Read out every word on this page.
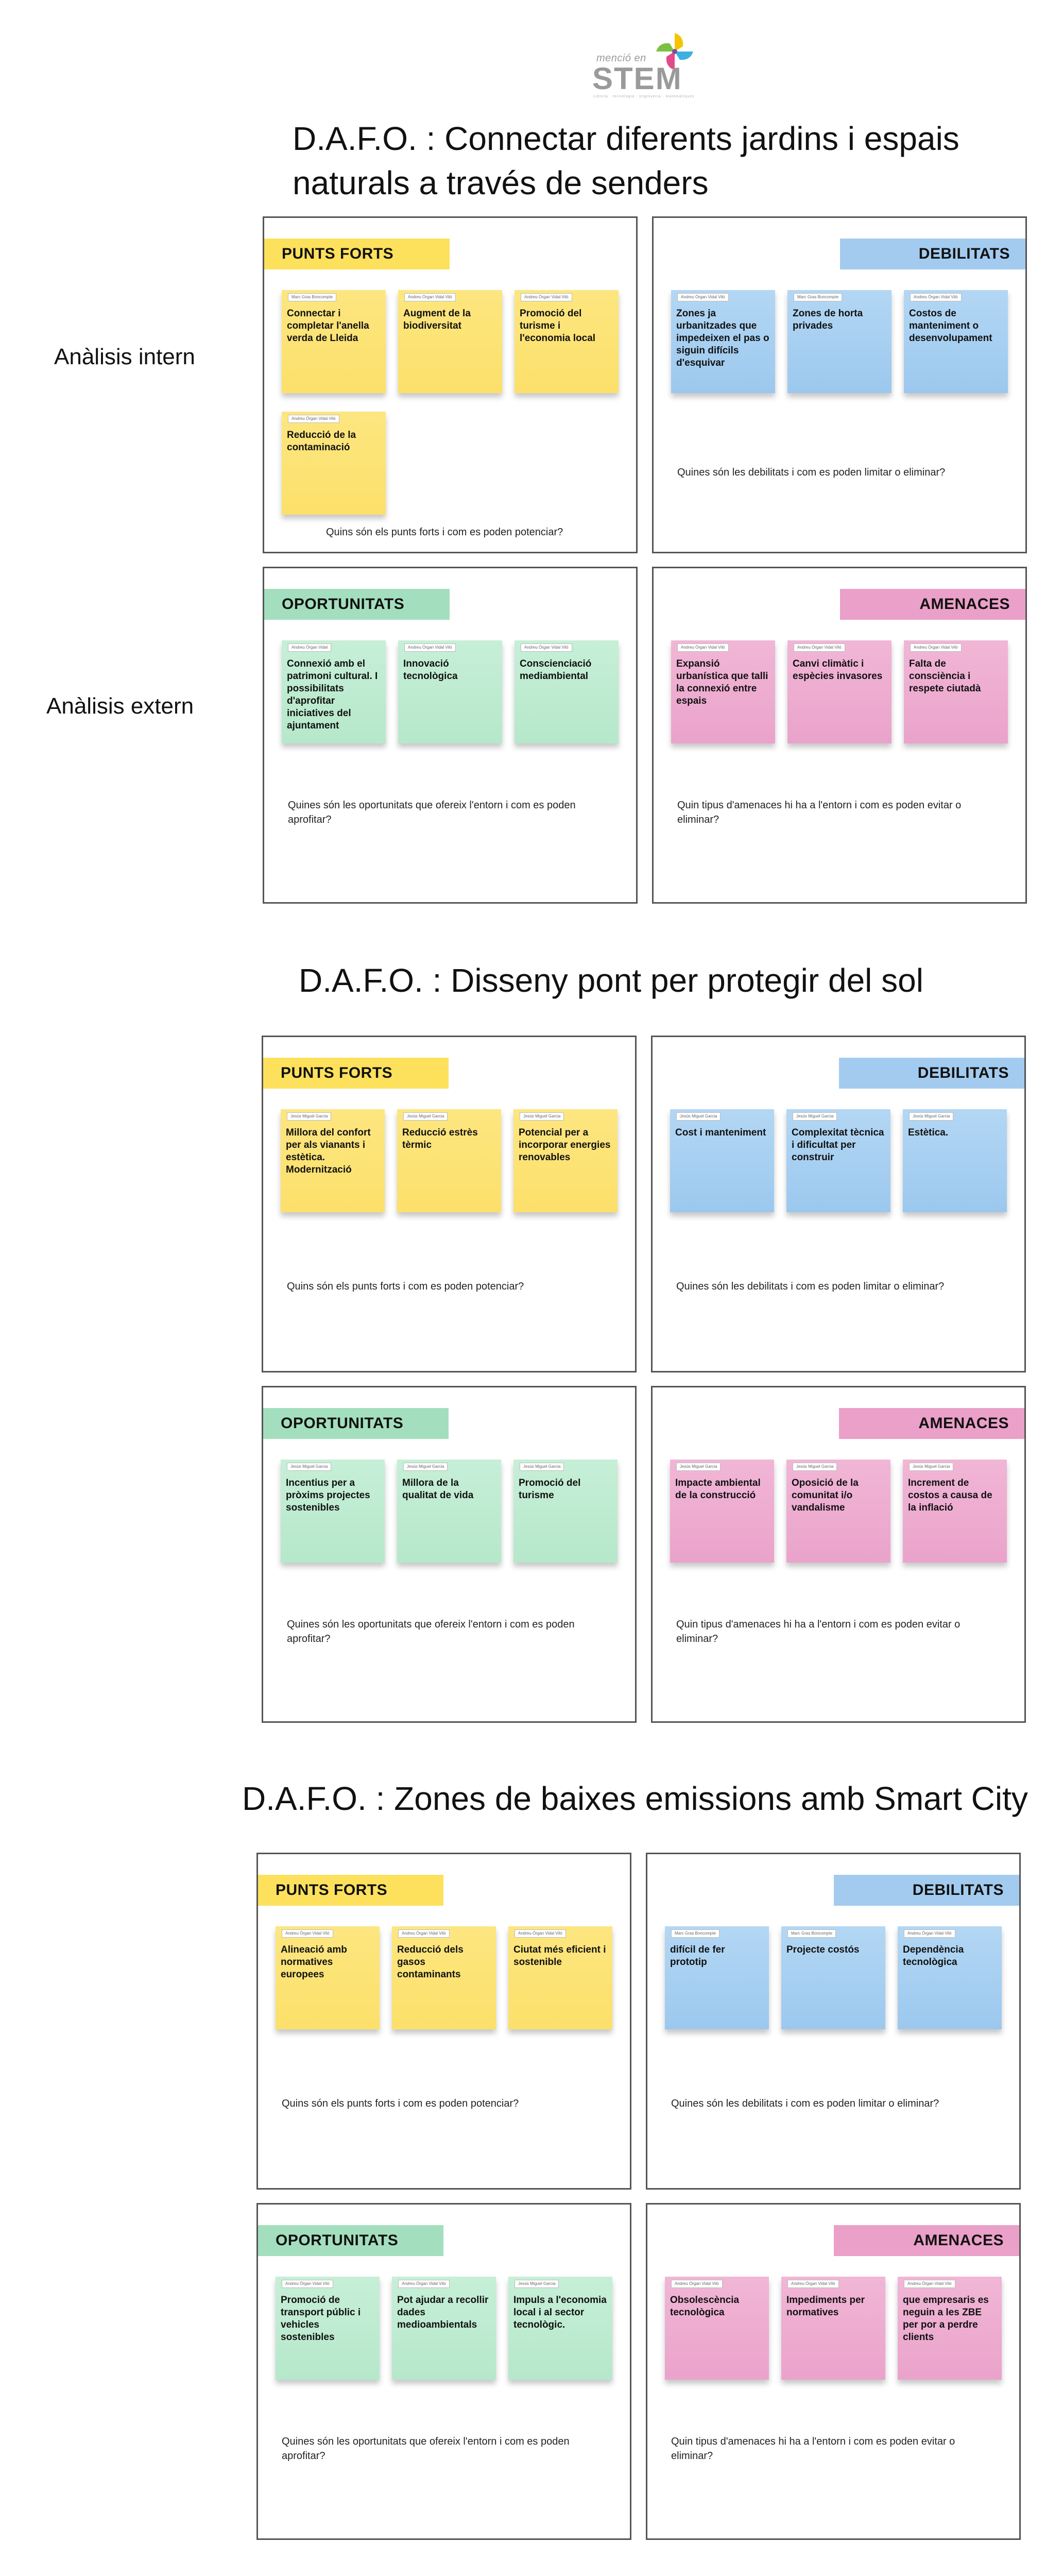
menció en
STEM
ciència · tecnologia · enginyeria · matemàtiques
Anàlisis intern
Anàlisis extern
D.A.F.O. : Connectar diferents jardins i espais naturals a través de senders
PUNTS FORTS
Marc Gras Boncompte
Connectar i completar l'anella verda de Lleida
Andreu Órgan Vidal Viló
Augment de la biodiversitat
Andreu Órgan Vidal Viló
Promoció del turisme i l'economia local
Andreu Órgan Vidal Viló
Reducció de la contaminació
Quins són els punts forts i com es poden potenciar?
DEBILITATS
Andreu Órgan Vidal Viló
Zones ja urbanitzades que impedeixen el pas o siguin difícils d'esquivar
Marc Gras Boncompte
Zones de horta privades
Andreu Órgan Vidal Viló
Costos de manteniment o desenvolupament
Quines són les debilitats i com es poden limitar o eliminar?
OPORTUNITATS
Andreu Órgan Vidal
Connexió amb el patrimoni cultural. I possibilitats d'aprofitar iniciatives del ajuntament
Andreu Órgan Vidal Viló
Innovació tecnològica
Andreu Órgan Vidal Viló
Conscienciació mediambiental
Quines són les oportunitats que ofereix l'entorn i com es poden aprofitar?
AMENACES
Andreu Órgan Vidal Viló
Expansió urbanística que talli la connexió entre espais
Andreu Órgan Vidal Viló
Canvi climàtic i espècies invasores
Andreu Órgan Vidal Viló
Falta de consciència i respete ciutadà
Quin tipus d'amenaces hi ha a l'entorn i com es poden evitar o eliminar?
D.A.F.O. : Disseny pont per protegir del sol
PUNTS FORTS
Jesús Miguel Garcia
Millora del confort per als vianants i estètica. Modernització
Jesús Miguel Garcia
Reducció estrès tèrmic
Jesús Miguel Garcia
Potencial per a incorporar energies renovables
Quins són els punts forts i com es poden potenciar?
DEBILITATS
Jesús Miguel Garcia
Cost i manteniment
Jesús Miguel Garcia
Complexitat tècnica i dificultat per construir
Jesús Miguel Garcia
Estètica.
Quines són les debilitats i com es poden limitar o eliminar?
OPORTUNITATS
Jesús Miguel Garcia
Incentius per a pròxims projectes sostenibles
Jesús Miguel Garcia
Millora de la qualitat de vida
Jesús Miguel Garcia
Promoció del turisme
Quines són les oportunitats que ofereix l'entorn i com es poden aprofitar?
AMENACES
Jesús Miguel Garcia
Impacte ambiental de la construcció
Jesús Miguel Garcia
Oposició de la comunitat i/o vandalisme
Jesús Miguel Garcia
Increment de costos a causa de la inflació
Quin tipus d'amenaces hi ha a l'entorn i com es poden evitar o eliminar?
D.A.F.O. : Zones de baixes emissions amb Smart City
PUNTS FORTS
Andreu Órgan Vidal Viló
Alineació amb normatives europees
Andreu Órgan Vidal Viló
Reducció dels gasos contaminants
Andreu Órgan Vidal Viló
Ciutat més eficient i sostenible
Quins són els punts forts i com es poden potenciar?
DEBILITATS
Marc Gras Boncompte
difícil de fer prototip
Marc Gras Boncompte
Projecte costós
Andreu Órgan Vidal Viló
Dependència tecnològica
Quines són les debilitats i com es poden limitar o eliminar?
OPORTUNITATS
Andreu Órgan Vidal Viló
Promoció de transport públic i vehicles sostenibles
Andreu Órgan Vidal Viló
Pot ajudar a recollir dades medioambientals
Jesús Miguel Garcia
Impuls a l'economia local i al sector tecnològic.
Quines són les oportunitats que ofereix l'entorn i com es poden aprofitar?
AMENACES
Andreu Órgan Vidal Viló
Obsolescència tecnològica
Andreu Órgan Vidal Viló
Impediments per normatives
Andreu Órgan Vidal Viló
que empresaris es neguin a les ZBE per por a perdre clients
Quin tipus d'amenaces hi ha a l'entorn i com es poden evitar o eliminar?
